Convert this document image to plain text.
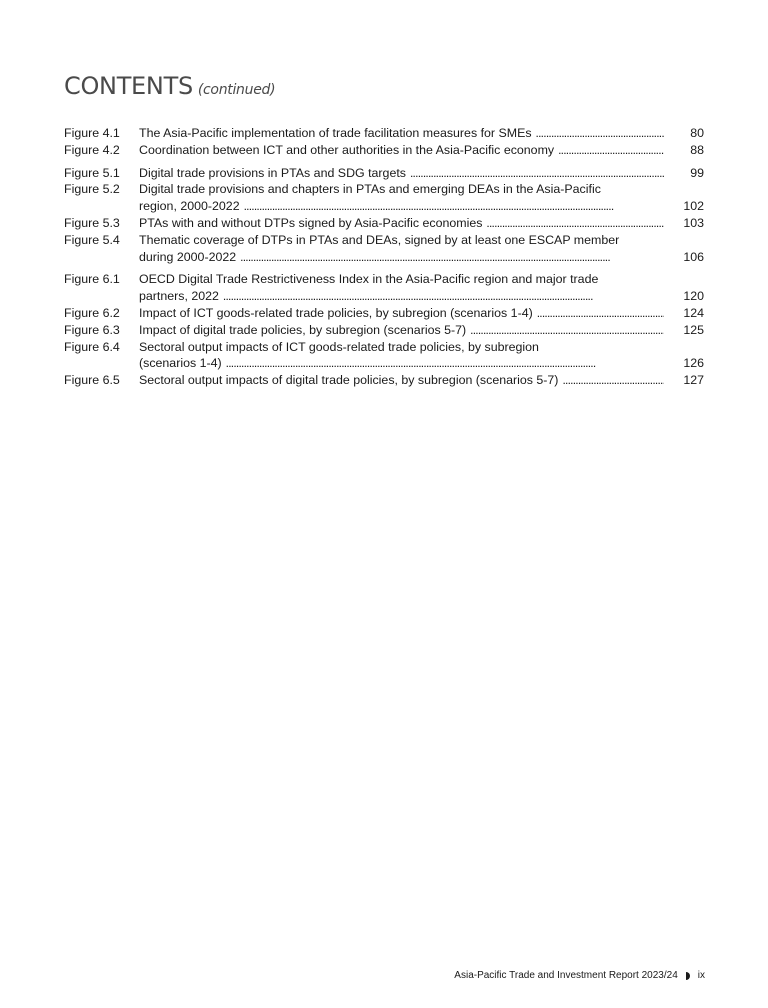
CONTENTS (continued)
Figure 4.1	The Asia-Pacific implementation of trade facilitation measures for SMEs . . .	80
Figure 4.2	Coordination between ICT and other authorities in the Asia-Pacific economy . . .	88
Figure 5.1	Digital trade provisions in PTAs and SDG targets . . .	99
Figure 5.2	Digital trade provisions and chapters in PTAs and emerging DEAs in the Asia-Pacific
region, 2000-2022 . . .	102
Figure 5.3	PTAs with and without DTPs signed by Asia-Pacific economies . . .	103
Figure 5.4	Thematic coverage of DTPs in PTAs and DEAs, signed by at least one ESCAP member
during 2000-2022 . . .	106
Figure 6.1	OECD Digital Trade Restrictiveness Index in the Asia-Pacific region and major trade
partners, 2022 . . .	120
Figure 6.2	Impact of ICT goods-related trade policies, by subregion (scenarios 1-4) . . .	124
Figure 6.3	Impact of digital trade policies, by subregion (scenarios 5-7) . . .	125
Figure 6.4	Sectoral output impacts of ICT goods-related trade policies, by subregion
(scenarios 1-4) . . .	126
Figure 6.5	Sectoral output impacts of digital trade policies, by subregion (scenarios 5-7) . . .	127
Asia-Pacific Trade and Investment Report 2023/24 ix
